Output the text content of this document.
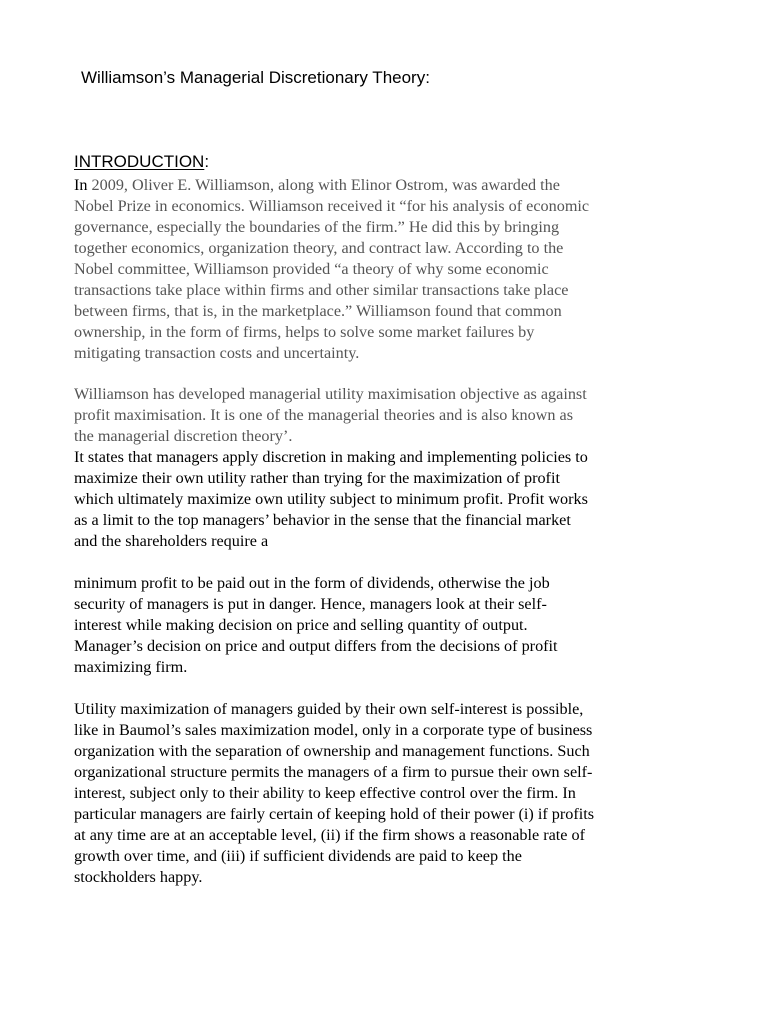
Williamson’s Managerial Discretionary Theory:
INTRODUCTION:

In 2009, Oliver E. Williamson, along with Elinor Ostrom, was awarded the
Nobel Prize in economics. Williamson received it “for his analysis of economic
governance, especially the boundaries of the firm.” He did this by bringing
together economics, organization theory, and contract law. According to the
Nobel committee, Williamson provided “a theory of why some economic
transactions take place within firms and other similar transactions take place
between firms, that is, in the marketplace.” Williamson found that common
ownership, in the form of firms, helps to solve some market failures by
mitigating transaction costs and uncertainty.

Williamson has developed managerial utility maximisation objective as against
profit maximisation. It is one of the managerial theories and is also known as
the managerial discretion theory’.

It states that managers apply discretion in making and implementing policies to
maximize their own utility rather than trying for the maximization of profit
which ultimately maximize own utility subject to minimum profit. Profit works
as a limit to the top managers’ behavior in the sense that the financial market
and the shareholders require a

minimum profit to be paid out in the form of dividends, otherwise the job
security of managers is put in danger. Hence, managers look at their self-
interest while making decision on price and selling quantity of output.
Manager’s decision on price and output differs from the decisions of profit
maximizing firm.

Utility maximization of managers guided by their own self-interest is possible,
like in Baumol’s sales maximization model, only in a corporate type of business
organization with the separation of ownership and management functions. Such
organizational structure permits the managers of a firm to pursue their own self-
interest, subject only to their ability to keep effective control over the firm. In
particular managers are fairly certain of keeping hold of their power (i) if profits
at any time are at an acceptable level, (ii) if the firm shows a reasonable rate of
growth over time, and (iii) if sufficient dividends are paid to keep the
stockholders happy.
